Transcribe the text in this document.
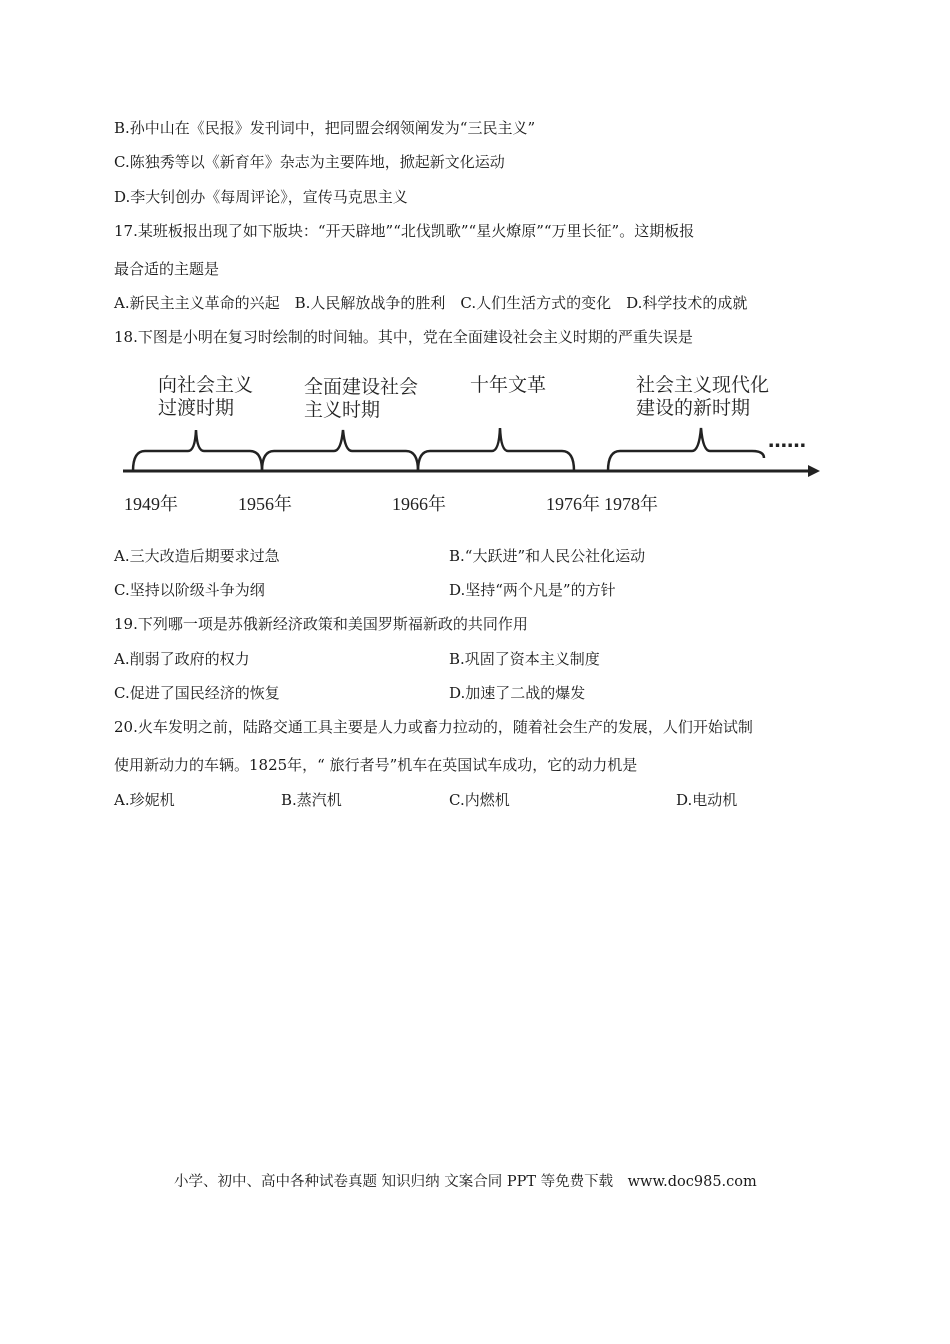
B.孙中山在《民报》发刊词中，把同盟会纲领阐发为“三民主义”
C.陈独秀等以《新育年》杂志为主要阵地，掀起新文化运动
D.李大钊创办《每周评论》，宣传马克思主义
17.某班板报出现了如下版块：“开天辟地”“北伐凯歌”“星火燎原”“万里长征”。这期板报
最合适的主题是
A.新民主主义革命的兴起　B.人民解放战争的胜利　C.人们生活方式的变化　D.科学技术的成就
18.下图是小明在复习时绘制的时间轴。其中，党在全面建设社会主义时期的严重失误是
向社会主义
过渡时期
全面建设社会
主义时期
十年文革	社会主义现代化
建设的新时期
……
1949年	1956年	1966年	1976年 1978年
A.三大改造后期要求过急	B.“大跃进”和人民公社化运动
C.坚持以阶级斗争为纲	D.坚持“两个凡是”的方针
19.下列哪一项是苏俄新经济政策和美国罗斯福新政的共同作用
A.削弱了政府的权力	B.巩固了资本主义制度
C.促进了国民经济的恢复	D.加速了二战的爆发
20.火车发明之前，陆路交通工具主要是人力或畜力拉动的，随着社会生产的发展，人们开始试制
使用新动力的车辆。1825年，“ 旅行者号”机车在英国试车成功，它的动力机是
A.珍妮机	B.蒸汽机	C.内燃机	D.电动机
小学、初中、高中各种试卷真题 知识归纳 文案合同 PPT 等免费下载　www.doc985.com
